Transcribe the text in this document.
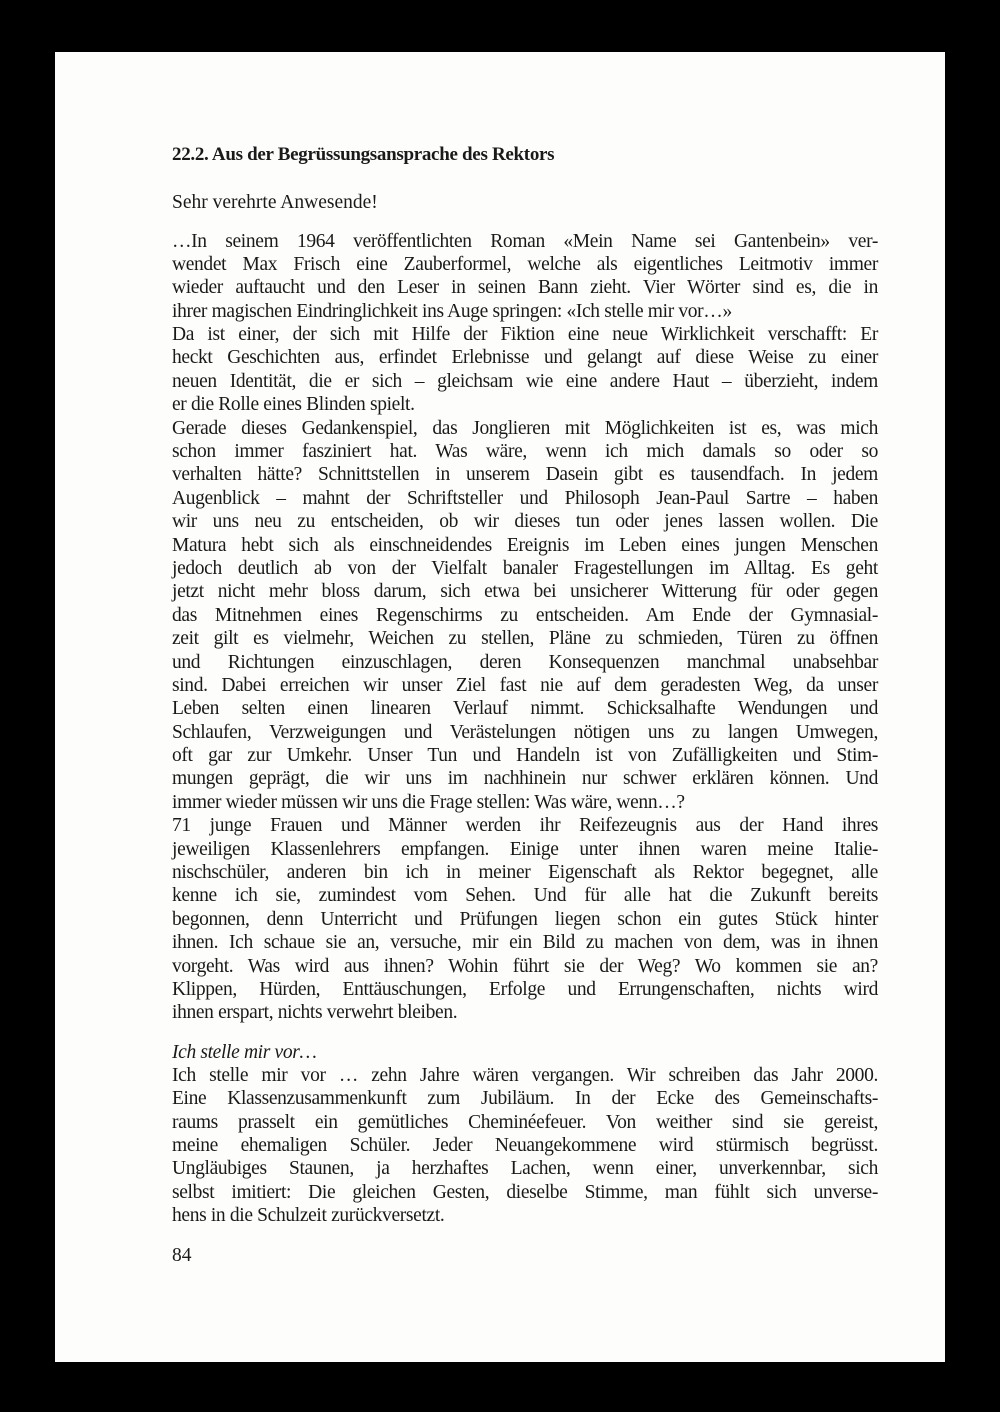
22.2. Aus der Begrüssungsansprache des Rektors
Sehr verehrte Anwesende!
…In seinem 1964 veröffentlichten Roman «Mein Name sei Gantenbein» ver-
wendet Max Frisch eine Zauberformel, welche als eigentliches Leitmotiv immer
wieder auftaucht und den Leser in seinen Bann zieht. Vier Wörter sind es, die in
ihrer magischen Eindringlichkeit ins Auge springen: «Ich stelle mir vor…»
Da ist einer, der sich mit Hilfe der Fiktion eine neue Wirklichkeit verschafft: Er
heckt Geschichten aus, erfindet Erlebnisse und gelangt auf diese Weise zu einer
neuen Identität, die er sich – gleichsam wie eine andere Haut – überzieht, indem
er die Rolle eines Blinden spielt.
Gerade dieses Gedankenspiel, das Jonglieren mit Möglichkeiten ist es, was mich
schon immer fasziniert hat. Was wäre, wenn ich mich damals so oder so
verhalten hätte? Schnittstellen in unserem Dasein gibt es tausendfach. In jedem
Augenblick – mahnt der Schriftsteller und Philosoph Jean-Paul Sartre – haben
wir uns neu zu entscheiden, ob wir dieses tun oder jenes lassen wollen. Die
Matura hebt sich als einschneidendes Ereignis im Leben eines jungen Menschen
jedoch deutlich ab von der Vielfalt banaler Fragestellungen im Alltag. Es geht
jetzt nicht mehr bloss darum, sich etwa bei unsicherer Witterung für oder gegen
das Mitnehmen eines Regenschirms zu entscheiden. Am Ende der Gymnasial-
zeit gilt es vielmehr, Weichen zu stellen, Pläne zu schmieden, Türen zu öffnen
und Richtungen einzuschlagen, deren Konsequenzen manchmal unabsehbar
sind. Dabei erreichen wir unser Ziel fast nie auf dem geradesten Weg, da unser
Leben selten einen linearen Verlauf nimmt. Schicksalhafte Wendungen und
Schlaufen, Verzweigungen und Verästelungen nötigen uns zu langen Umwegen,
oft gar zur Umkehr. Unser Tun und Handeln ist von Zufälligkeiten und Stim-
mungen geprägt, die wir uns im nachhinein nur schwer erklären können. Und
immer wieder müssen wir uns die Frage stellen: Was wäre, wenn…?
71 junge Frauen und Männer werden ihr Reifezeugnis aus der Hand ihres
jeweiligen Klassenlehrers empfangen. Einige unter ihnen waren meine Italie-
nischschüler, anderen bin ich in meiner Eigenschaft als Rektor begegnet, alle
kenne ich sie, zumindest vom Sehen. Und für alle hat die Zukunft bereits
begonnen, denn Unterricht und Prüfungen liegen schon ein gutes Stück hinter
ihnen. Ich schaue sie an, versuche, mir ein Bild zu machen von dem, was in ihnen
vorgeht. Was wird aus ihnen? Wohin führt sie der Weg? Wo kommen sie an?
Klippen, Hürden, Enttäuschungen, Erfolge und Errungenschaften, nichts wird
ihnen erspart, nichts verwehrt bleiben.
Ich stelle mir vor…
Ich stelle mir vor … zehn Jahre wären vergangen. Wir schreiben das Jahr 2000.
Eine Klassenzusammenkunft zum Jubiläum. In der Ecke des Gemeinschafts-
raums prasselt ein gemütliches Cheminéefeuer. Von weither sind sie gereist,
meine ehemaligen Schüler. Jeder Neuangekommene wird stürmisch begrüsst.
Ungläubiges Staunen, ja herzhaftes Lachen, wenn einer, unverkennbar, sich
selbst imitiert: Die gleichen Gesten, dieselbe Stimme, man fühlt sich unverse-
hens in die Schulzeit zurückversetzt.
84
